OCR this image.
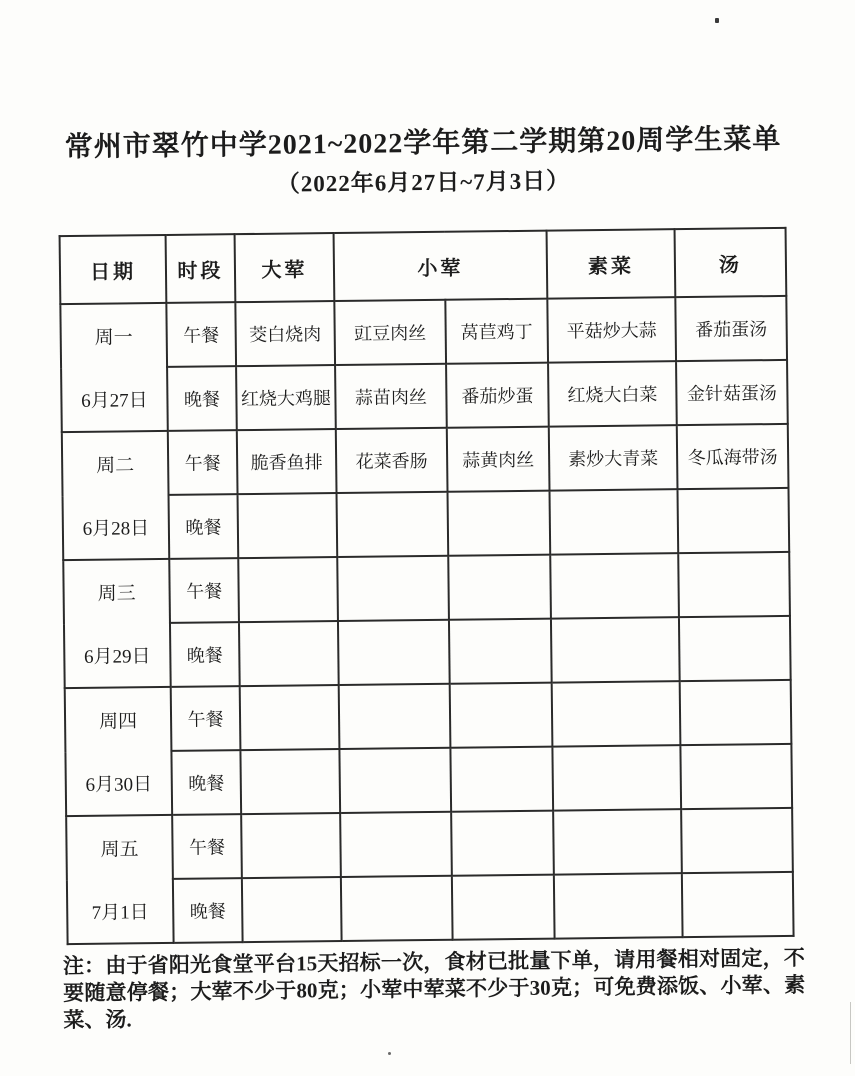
常州市翠竹中学2021~2022学年第二学期第20周学生菜单
（2022年6月27日~7月3日）
日期	时段	大荤	小荤		素菜	汤

周一
6月27日	午餐	茭白烧肉	豇豆肉丝	莴苣鸡丁	平菇炒大蒜	番茄蛋汤
	晚餐	红烧大鸡腿	蒜苗肉丝	番茄炒蛋	红烧大白菜	金针菇蛋汤

周二
6月28日	午餐	脆香鱼排	花菜香肠	蒜黄肉丝	素炒大青菜	冬瓜海带汤
	晚餐					

周三
6月29日	午餐					
	晚餐					

周四
6月30日	午餐					
	晚餐					

周五
7月1日	午餐					
	晚餐					
注：由于省阳光食堂平台15天招标一次，食材已批量下单，请用餐相对固定，不要随意停餐；大荤不少于80克；小荤中荤菜不少于30克；可免费添饭、小荤、素菜、汤.
